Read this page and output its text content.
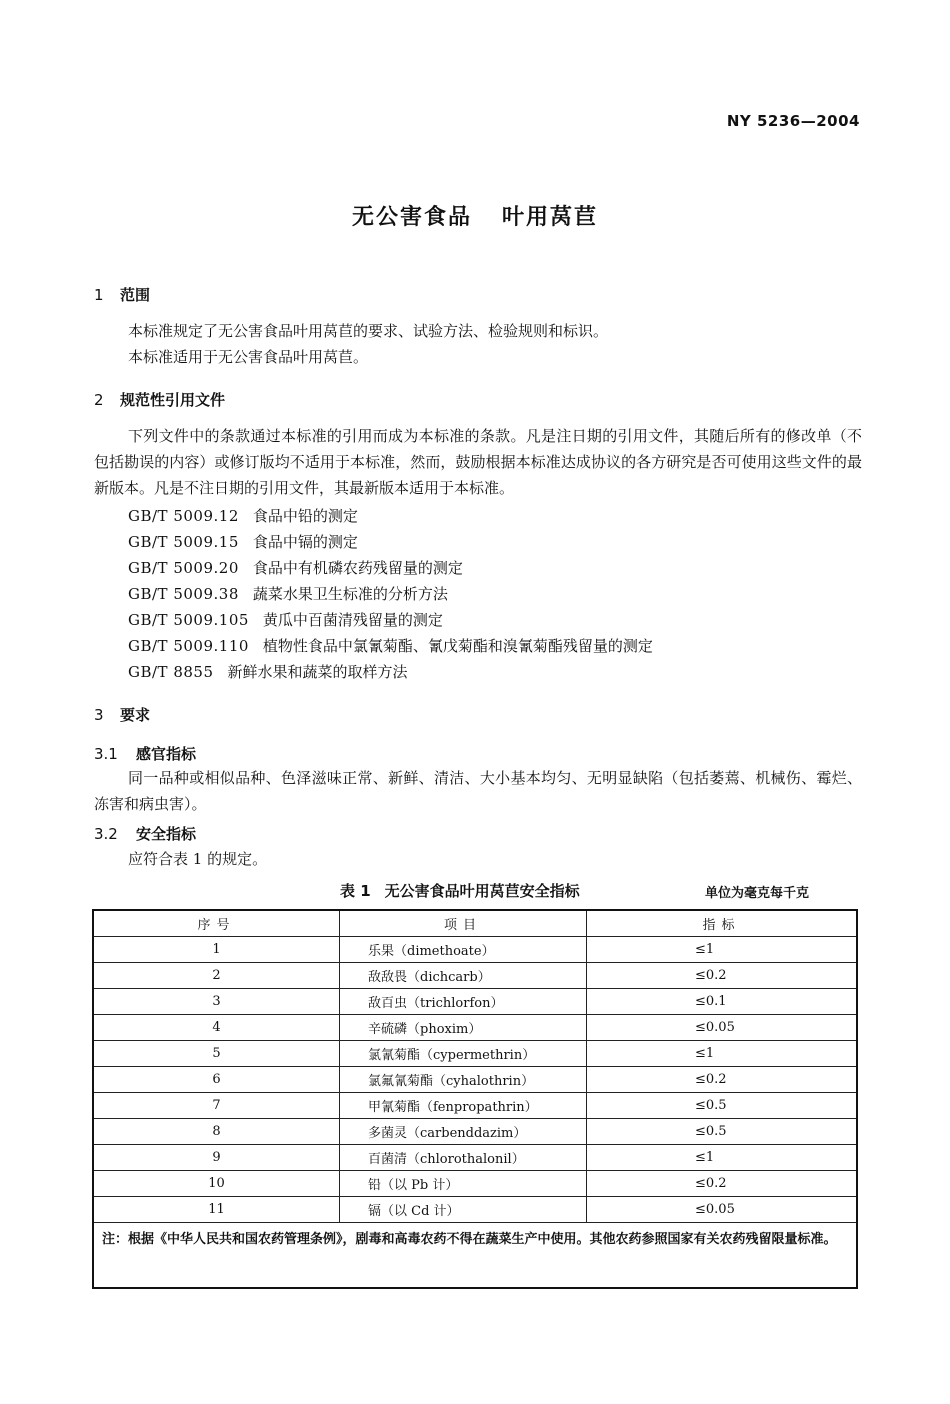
NY 5236—2004
无公害食品 叶用莴苣
1 范围
本标准规定了无公害食品叶用莴苣的要求、试验方法、检验规则和标识。
本标准适用于无公害食品叶用莴苣。
2 规范性引用文件
下列文件中的条款通过本标准的引用而成为本标准的条款。凡是注日期的引用文件，其随后所有的修改单（不包括勘误的内容）或修订版均不适用于本标准，然而，鼓励根据本标准达成协议的各方研究是否可使用这些文件的最新版本。凡是不注日期的引用文件，其最新版本适用于本标准。
GB/T 5009.12 食品中铅的测定
GB/T 5009.15 食品中镉的测定
GB/T 5009.20 食品中有机磷农药残留量的测定
GB/T 5009.38 蔬菜水果卫生标准的分析方法
GB/T 5009.105 黄瓜中百菌清残留量的测定
GB/T 5009.110 植物性食品中氯氰菊酯、氰戊菊酯和溴氰菊酯残留量的测定
GB/T 8855 新鲜水果和蔬菜的取样方法
3 要求
3.1 感官指标
同一品种或相似品种、色泽滋味正常、新鲜、清洁、大小基本均匀、无明显缺陷（包括萎蔫、机械伤、霉烂、冻害和病虫害）。
3.2 安全指标
应符合表 1 的规定。
表 1 无公害食品叶用莴苣安全指标	单位为毫克每千克
序号	项目	指标
1	乐果（dimethoate）	≤1
2	敌敌畏（dichcarb）	≤0.2
3	敌百虫（trichlorfon）	≤0.1
4	辛硫磷（phoxim）	≤0.05
5	氯氰菊酯（cypermethrin）	≤1
6	氯氟氰菊酯（cyhalothrin）	≤0.2
7	甲氰菊酯（fenpropathrin）	≤0.5
8	多菌灵（carbenddazim）	≤0.5
9	百菌清（chlorothalonil）	≤1
10	铅（以 Pb 计）	≤0.2
11	镉（以 Cd 计）	≤0.05
注：根据《中华人民共和国农药管理条例》，剧毒和高毒农药不得在蔬菜生产中使用。其他农药参照国家有关农药残留限量标准。		
